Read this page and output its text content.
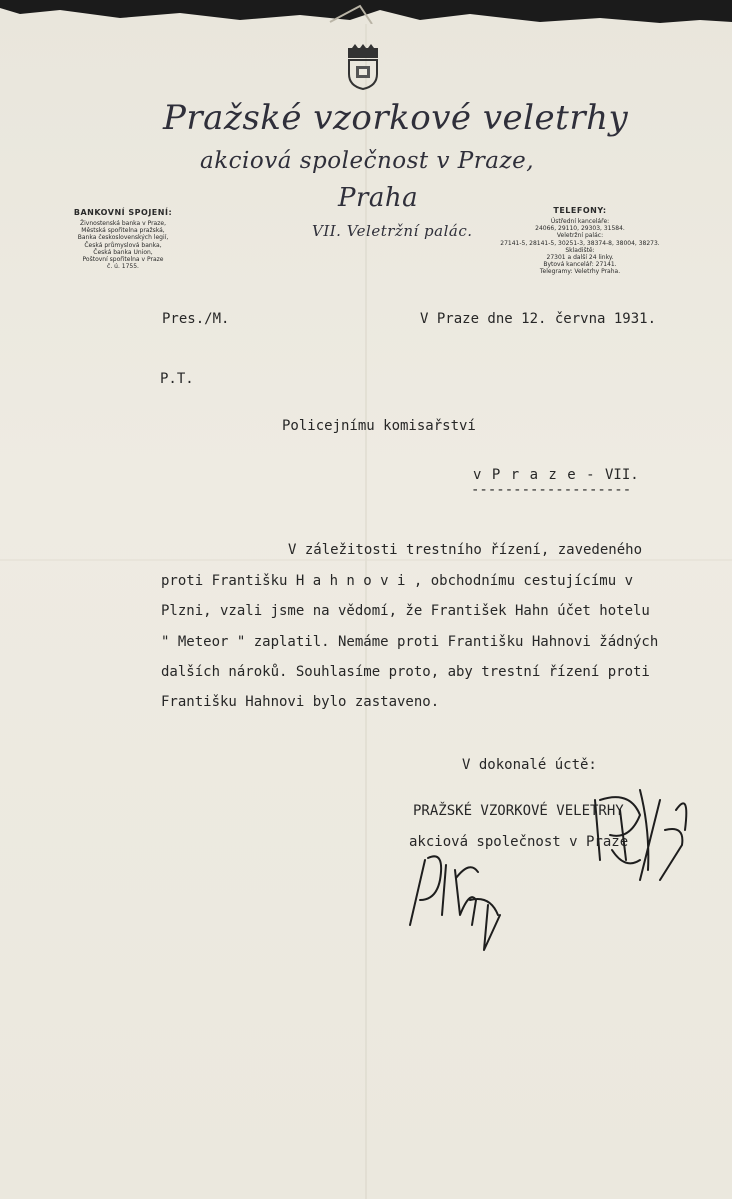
Pražské vzorkové veletrhy
akciová společnost v Praze,
Praha
VII. Veletržní palác.
BANKOVNÍ SPOJENÍ:
Živnostenská banka v Praze,
Městská spořitelna pražská,
Banka československých legií,
Česká průmyslová banka,
Česká banka Union,
Poštovní spořitelna v Praze
č. ú. 1755.
TELEFONY:
Ústřední kanceláře:
24066, 29110, 29303, 31584.
Veletržní palác:
27141-5, 28141-5, 30251-3, 38374-8, 38004, 38273.
Skladiště:
27301 a další 24 linky.
Bytová kancelář: 27141.
Telegramy: Veletrhy Praha.
Pres./M.	V Praze dne 12. června 1931.
P.T.
Policejnímu komisařství
v P r a z e - VII.
-------------------
V záležitosti trestního řízení, zavedeného
proti Františku H a h n o v i , obchodnímu cestujícímu v
Plzni, vzali jsme na vědomí, že František Hahn účet hotelu
" Meteor " zaplatil. Nemáme proti Františku Hahnovi žádných
dalších nároků. Souhlasíme proto, aby trestní řízení proti
Františku Hahnovi bylo zastaveno.
V dokonalé úctě:
PRAŽSKÉ VZORKOVÉ VELETRHY
akciová společnost v Praze
